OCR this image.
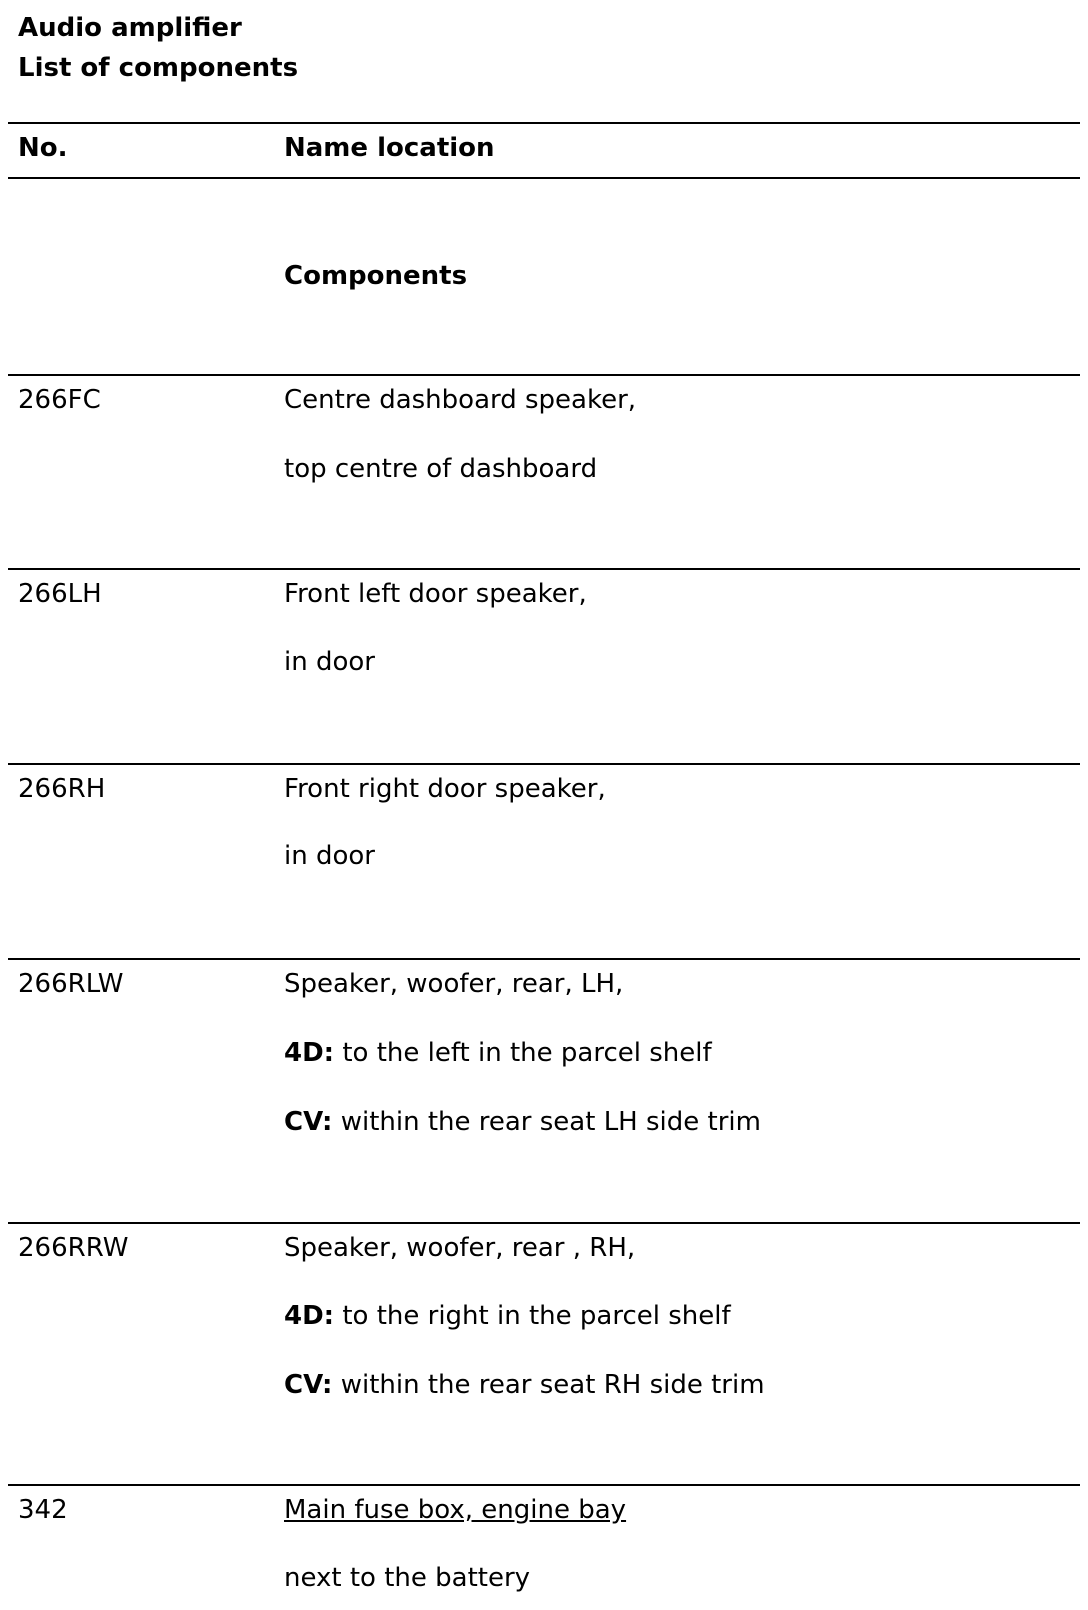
Audio amplifier
List of components
No.	Name location
Components
266FC	Centre dashboard speaker,
top centre of dashboard
266LH	Front left door speaker,
in door
266RH	Front right door speaker,
in door
266RLW	Speaker, woofer, rear, LH,
4D: to the left in the parcel shelf
CV: within the rear seat LH side trim
266RRW	Speaker, woofer, rear , RH,
4D: to the right in the parcel shelf
CV: within the rear seat RH side trim
342	Main fuse box, engine bay
next to the battery
